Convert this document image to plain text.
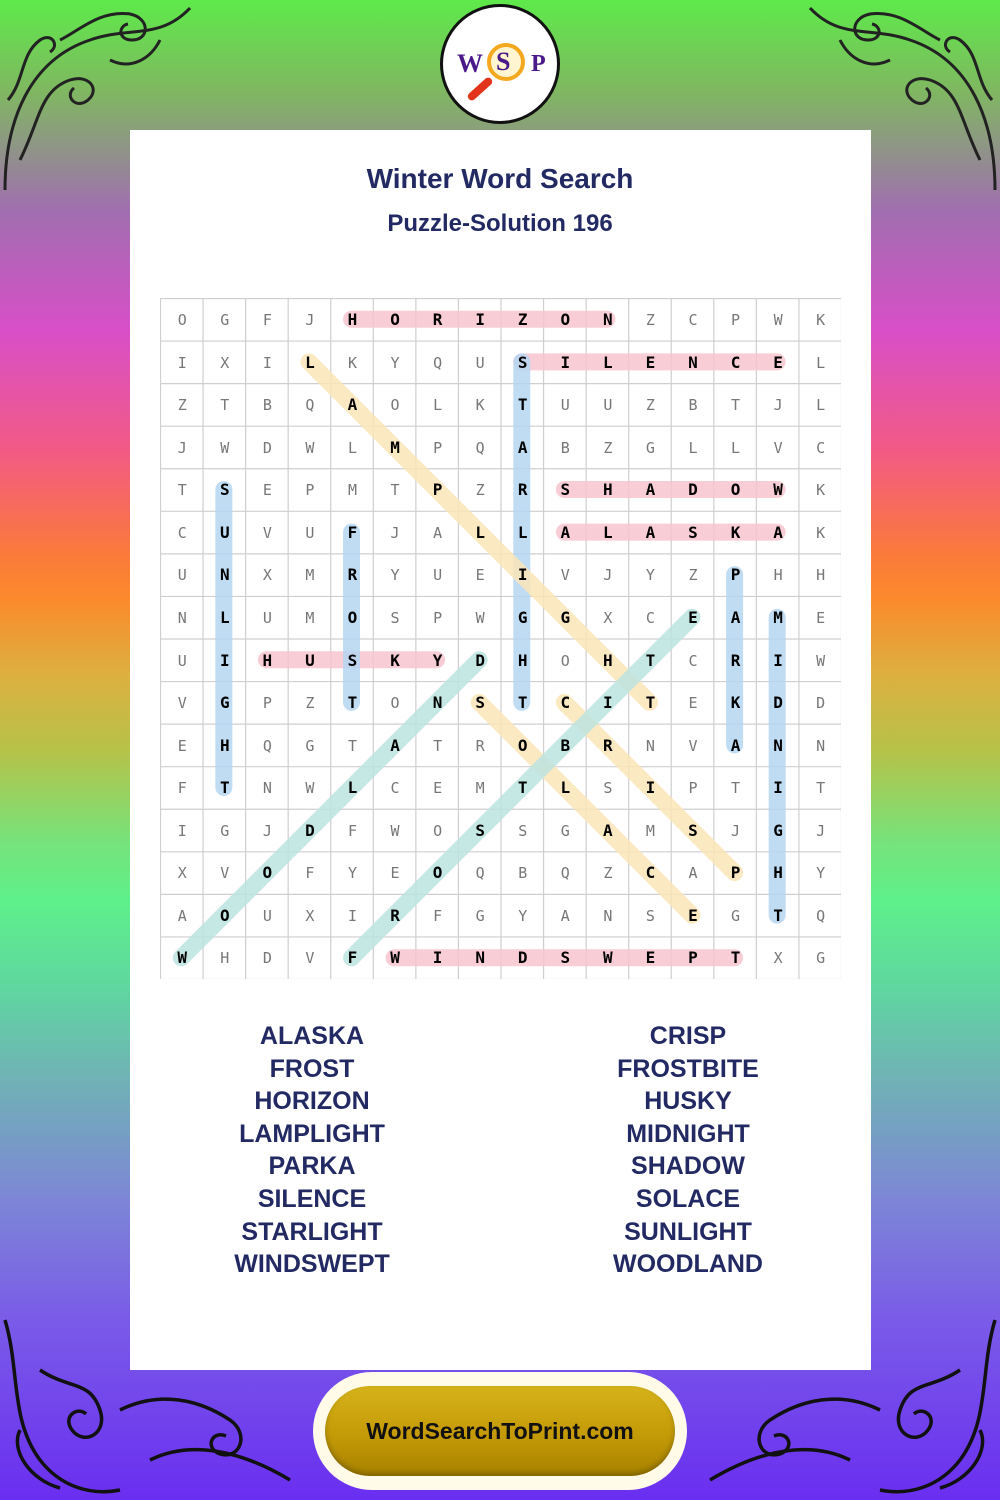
W S P
Winter Word Search
Puzzle-Solution 196
O	G	F	J	H	O	R	I	Z	O	N	Z	C	P	W	K
I	X	I	L	K	Y	Q	U	S	I	L	E	N	C	E	L
Z	T	B	Q	A	O	L	K	T	U	U	Z	B	T	J	L
J	W	D	W	L	M	P	Q	A	B	Z	G	L	L	V	C
T	S	E	P	M	T	P	Z	R	S	H	A	D	O	W	K
C	U	V	U	F	J	A	L	L	A	L	A	S	K	A	K
U	N	X	M	R	Y	U	E	I	V	J	Y	Z	P	H	H
N	L	U	M	O	S	P	W	G	G	X	C	E	A	M	E
U	I	H	U	S	K	Y	D	H	O	H	T	C	R	I	W
V	G	P	Z	T	O	N	S	T	C	I	T	E	K	D	D
E	H	Q	G	T	A	T	R	O	B	R	N	V	A	N	N
F	T	N	W	L	C	E	M	T	L	S	I	P	T	I	T
I	G	J	D	F	W	O	S	S	G	A	M	S	J	G	J
X	V	O	F	Y	E	O	Q	B	Q	Z	C	A	P	H	Y
A	O	U	X	I	R	F	G	Y	A	N	S	E	G	T	Q
W	H	D	V	F	W	I	N	D	S	W	E	P	T	X	G
ALASKA
FROST
HORIZON
LAMPLIGHT
PARKA
SILENCE
STARLIGHT
WINDSWEPT
CRISP
FROSTBITE
HUSKY
MIDNIGHT
SHADOW
SOLACE
SUNLIGHT
WOODLAND
WordSearchToPrint.com
